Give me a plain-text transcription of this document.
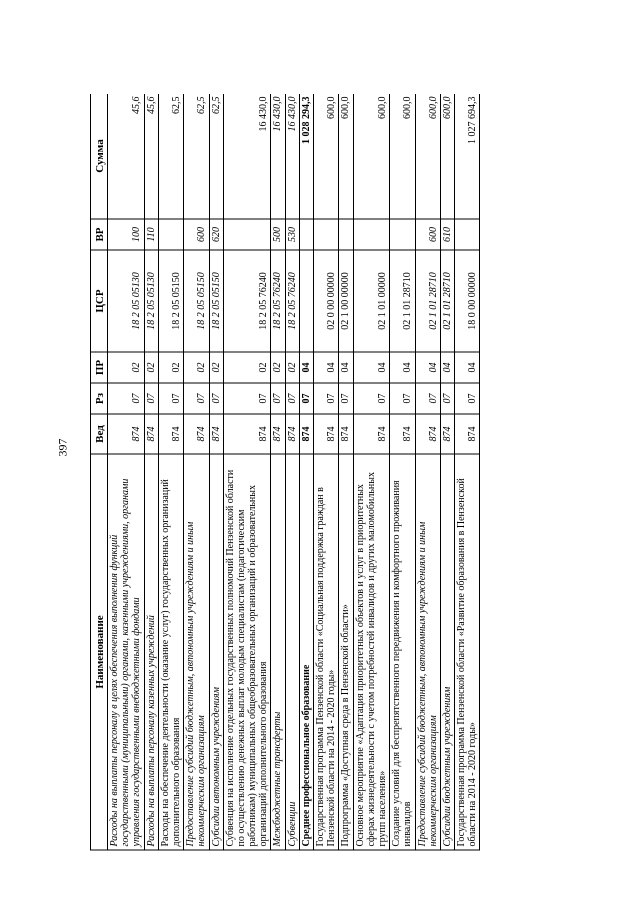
397
Наименование	Вед	Рз	ПР	ЦСР	ВР	Сумма
Расходы на выплаты персоналу в целях обеспечения выполнения функций государственными (муниципальными) органами, казенными учреждениями, органами управления государственными внебюджетными фондами	874	07	02	18 2 05 05130	100	45,6
Расходы на выплаты персоналу казенных учреждений	874	07	02	18 2 05 05130	110	45,6
Расходы на обеспечение деятельности (оказание услуг) государственных организаций дополнительного образования	874	07	02	18 2 05 05150		62,5
Предоставление субсидий бюджетным, автономным учреждениям и иным некоммерческим организациям	874	07	02	18 2 05 05150	600	62,5
Субсидии автономным учреждениям	874	07	02	18 2 05 05150	620	62,5
Субвенция на исполнение отдельных государственных полномочий Пензенской области по осуществлению денежных выплат молодым специалистам (педагогическим работникам) муниципальных общеобразовательных организаций и образовательных организаций дополнительного образования	874	07	02	18 2 05 76240		16 430,0
Межбюджетные трансферты	874	07	02	18 2 05 76240	500	16 430,0
Субвенции	874	07	02	18 2 05 76240	530	16 430,0
Среднее профессиональное образование	874	07	04			1 028 294,3
Государственная программа Пензенской области «Социальная поддержка граждан в Пензенской области на 2014 - 2020 годы»	874	07	04	02 0 00 00000		600,0
Подпрограмма «Доступная среда в Пензенской области»	874	07	04	02 1 00 00000		600,0
Основное мероприятие «Адаптация приоритетных объектов и услуг в приоритетных сферах жизнедеятельности с учетом потребностей инвалидов и других маломобильных групп населения»	874	07	04	02 1 01 00000		600,0
Создание условий для беспрепятственного передвижения и комфортного проживания инвалидов	874	07	04	02 1 01 28710		600,0
Предоставление субсидий бюджетным, автономным учреждениям и иным некоммерческим организациям	874	07	04	02 1 01 28710	600	600,0
Субсидии бюджетным учреждениям	874	07	04	02 1 01 28710	610	600,0
Государственная программа Пензенской области «Развитие образования в Пензенской области на 2014 - 2020 годы»	874	07	04	18 0 00 00000		1 027 694,3
